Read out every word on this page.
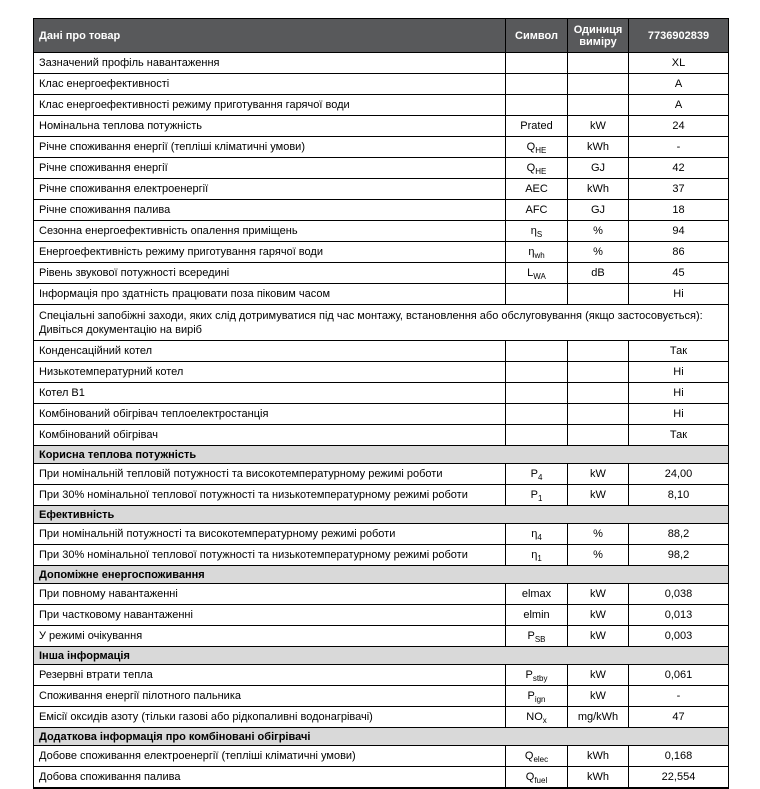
Дані про товар	Символ	Одиниця виміру	7736902839
Зазначений профіль навантаження			XL
Клас енергоефективності			A
Клас енергоефективності режиму приготування гарячої води			A
Номінальна теплова потужність	Prated	kW	24
Річне споживання енергії (тепліші кліматичні умови)	$Q_{HE}$	kWh	-
Річне споживання енергії	$Q_{HE}$	GJ	42
Річне споживання електроенергії	AEC	kWh	37
Річне споживання палива	AFC	GJ	18
Сезонна енергоефективність опалення приміщень	$\eta_S$	%	94
Енергоефективність режиму приготування гарячої води	$\eta_{wh}$	%	86
Рівень звукової потужності всередині	$L_{WA}$	dB	45
Інформація про здатність працювати поза піковим часом			Ні
Спеціальні запобіжні заходи, яких слід дотримуватися під час монтажу, встановлення або обслуговування (якщо застосовується): Дивіться документацію на виріб			
Конденсаційний котел			Так
Низькотемпературний котел			Ні
Котел B1			Ні
Комбінований обігрівач теплоелектростанція			Ні
Комбінований обігрівач			Так
Корисна теплова потужність			
При номінальній тепловій потужності та високотемпературному режимі роботи	$P_4$	kW	24,00
При 30% номінальної теплової потужності та низькотемпературному режимі роботи	$P_1$	kW	8,10
Ефективність			
При номінальній потужності та високотемпературному режимі роботи	$\eta_4$	%	88,2
При 30% номінальної теплової потужності та низькотемпературному режимі роботи	$\eta_1$	%	98,2
Допоміжне енергоспоживання			
При повному навантаженні	elmax	kW	0,038
При частковому навантаженні	elmin	kW	0,013
У режимі очікування	$P_{SB}$	kW	0,003
Інша інформація			
Резервні втрати тепла	$P_{stby}$	kW	0,061
Споживання енергії пілотного пальника	$P_{ign}$	kW	-
Емісії оксидів азоту (тільки газові або рідкопаливні водонагрівачі)	$NO_x$	mg/kWh	47
Додаткова інформація про комбіновані обігрівачі			
Добове споживання електроенергії (тепліші кліматичні умови)	$Q_{elec}$	kWh	0,168
Добова споживання палива	$Q_{fuel}$	kWh	22,554
